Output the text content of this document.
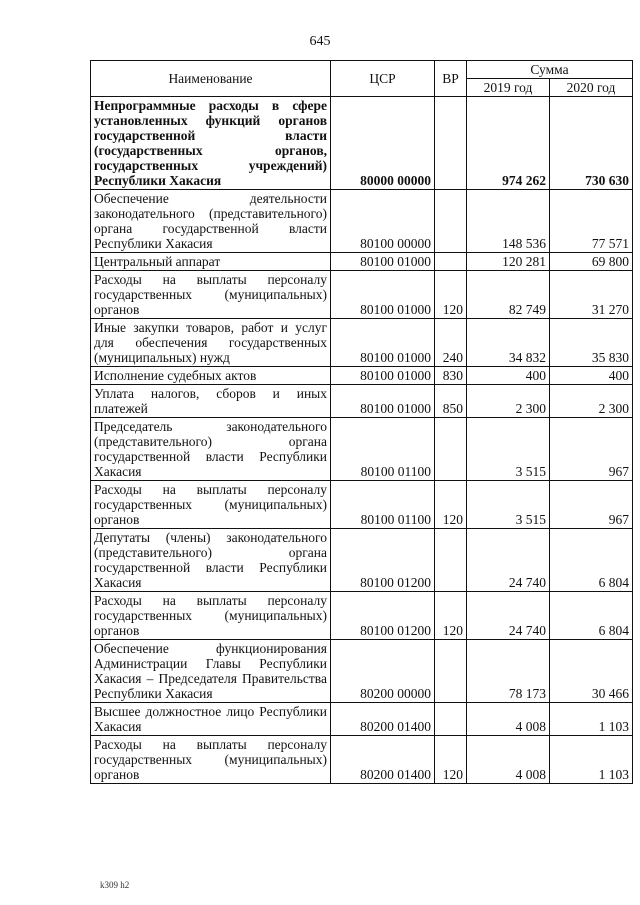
645
Наименование	ЦСР	ВР	Сумма	
			2019 год	2020 год
Непрограммные расходы в сфере установленных функций органов государственной власти (государственных органов, государственных учреждений) Республики Хакасия	80000 00000		974 262	730 630
Обеспечение деятельности законодательного (представительного) органа государственной власти Республики Хакасия	80100 00000		148 536	77 571
Центральный аппарат	80100 01000		120 281	69 800
Расходы на выплаты персоналу государственных (муниципальных) органов	80100 01000	120	82 749	31 270
Иные закупки товаров, работ и услуг для обеспечения государственных (муниципальных) нужд	80100 01000	240	34 832	35 830
Исполнение судебных актов	80100 01000	830	400	400
Уплата налогов, сборов и иных платежей	80100 01000	850	2 300	2 300
Председатель законодательного (представительного) органа государственной власти Республики Хакасия	80100 01100		3 515	967
Расходы на выплаты персоналу государственных (муниципальных) органов	80100 01100	120	3 515	967
Депутаты (члены) законодательного (представительного) органа государственной власти Республики Хакасия	80100 01200		24 740	6 804
Расходы на выплаты персоналу государственных (муниципальных) органов	80100 01200	120	24 740	6 804
Обеспечение функционирования Администрации Главы Республики Хакасия – Председателя Правительства Республики Хакасия	80200 00000		78 173	30 466
Высшее должностное лицо Республики Хакасия	80200 01400		4 008	1 103
Расходы на выплаты персоналу государственных (муниципальных) органов	80200 01400	120	4 008	1 103
k309 h2
